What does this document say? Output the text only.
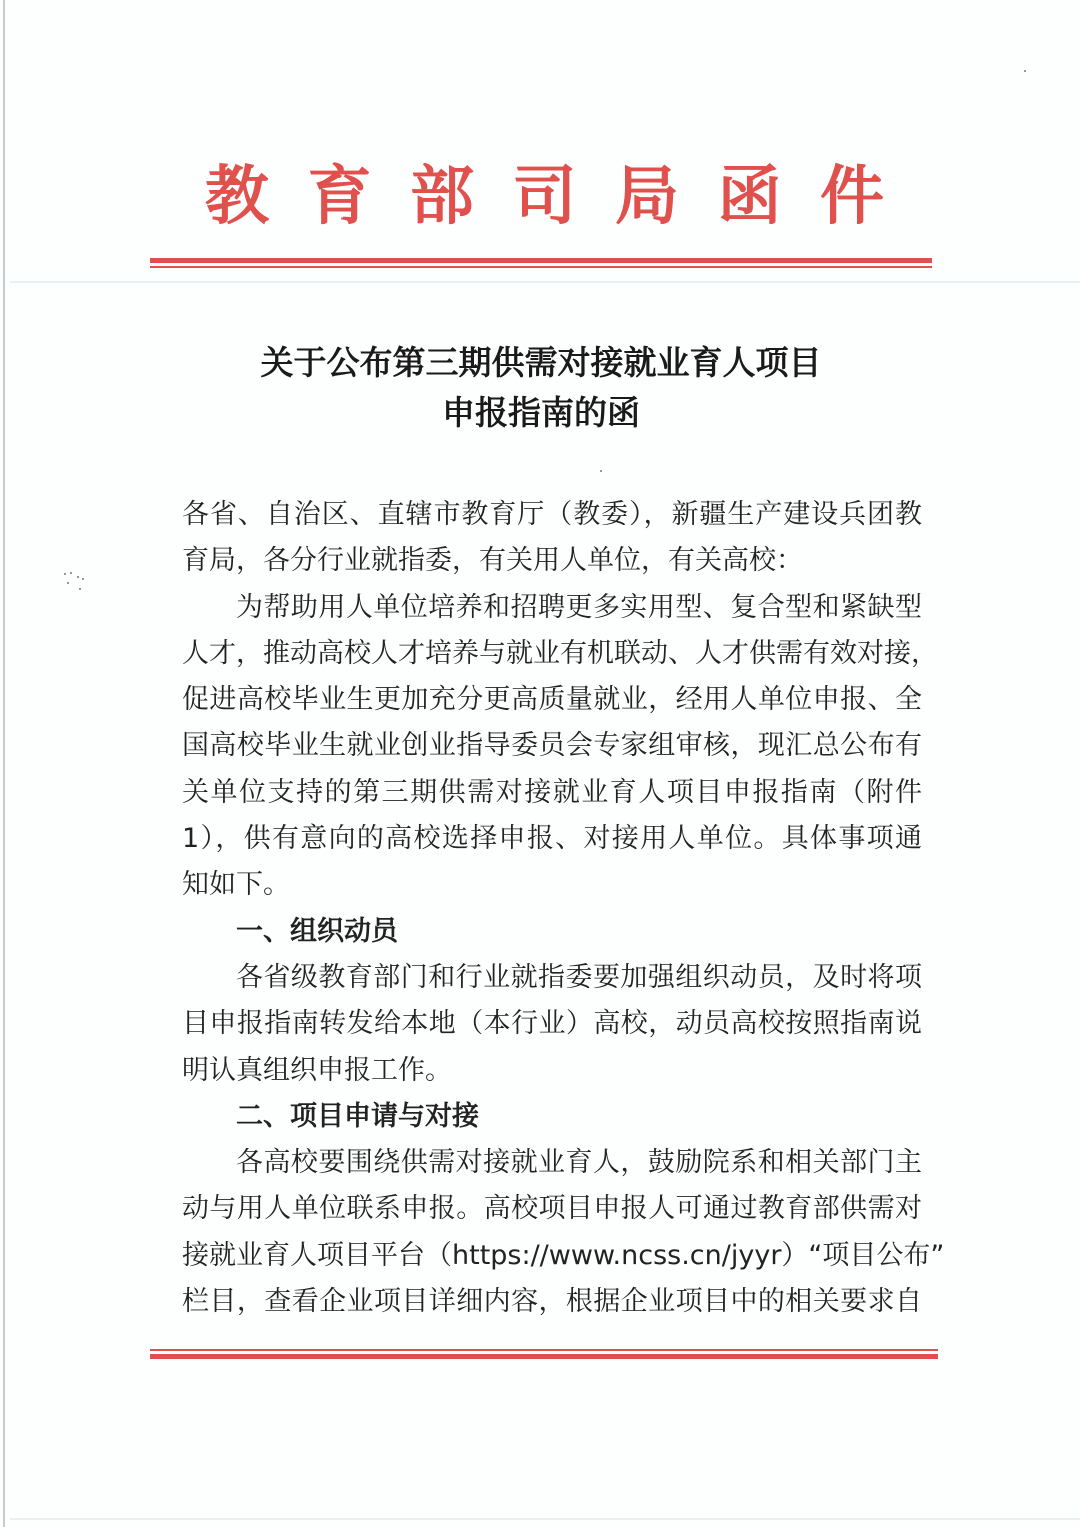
教 育 部 司 局 函 件
关于公布第三期供需对接就业育人项目
申报指南的函
各省、自治区、直辖市教育厅（教委），新疆生产建设兵团教
育局，各分行业就指委，有关用人单位，有关高校：
为帮助用人单位培养和招聘更多实用型、复合型和紧缺型
人才，推动高校人才培养与就业有机联动、人才供需有效对接，
促进高校毕业生更加充分更高质量就业，经用人单位申报、全
国高校毕业生就业创业指导委员会专家组审核，现汇总公布有
关单位支持的第三期供需对接就业育人项目申报指南（附件
1），供有意向的高校选择申报、对接用人单位。具体事项通
知如下。
一、组织动员
各省级教育部门和行业就指委要加强组织动员，及时将项
目申报指南转发给本地（本行业）高校，动员高校按照指南说
明认真组织申报工作。
二、项目申请与对接
各高校要围绕供需对接就业育人，鼓励院系和相关部门主
动与用人单位联系申报。高校项目申报人可通过教育部供需对
接就业育人项目平台（https://www.ncss.cn/jyyr）“项目公布”
栏目，查看企业项目详细内容，根据企业项目中的相关要求自
